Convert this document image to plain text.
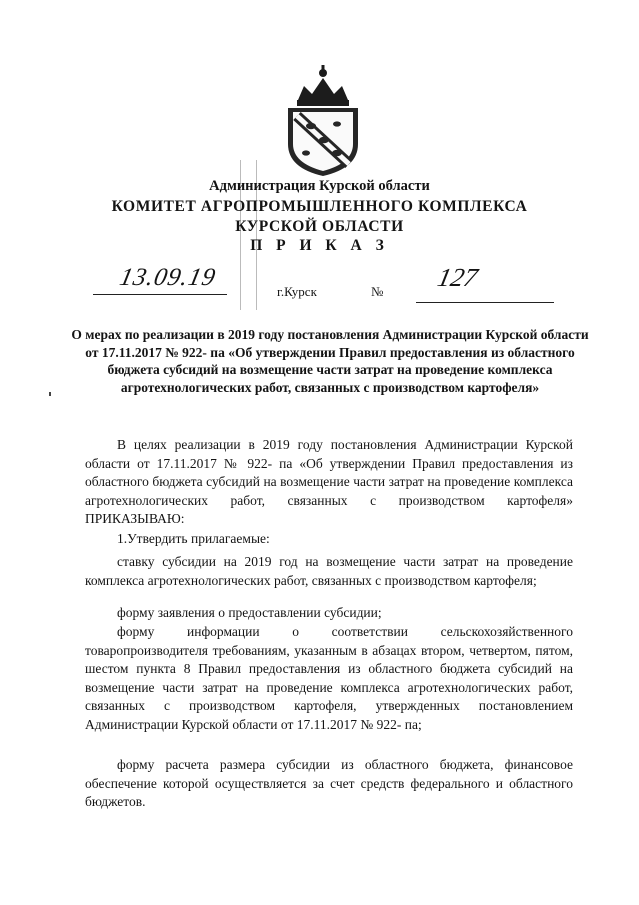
Администрация Курской области
КОМИТЕТ АГРОПРОМЫШЛЕННОГО КОМПЛЕКСА
КУРСКОЙ ОБЛАСТИ
П Р И К А З
13.09.19
г.Курск	№ 127
О мерах по реализации в 2019 году постановления Администрации Курской области от 17.11.2017 № 922- па «Об утверждении Правил предоставления из областного бюджета субсидий на возмещение части затрат на проведение комплекса агротехнологических работ, связанных с производством картофеля»
В целях реализации в 2019 году постановления Администрации Курской области от 17.11.2017 № 922- па «Об утверждении Правил предоставления из областного бюджета субсидий на возмещение части затрат на проведение комплекса агротехнологических работ, связанных с производством картофеля» ПРИКАЗЫВАЮ:
1.Утвердить прилагаемые:
ставку субсидии на 2019 год на возмещение части затрат на проведение комплекса агротехнологических работ, связанных с производством картофеля;
форму заявления о предоставлении субсидии;
форму информации о соответствии сельскохозяйственного товаропроизводителя требованиям, указанным в абзацах втором, четвертом, пятом, шестом пункта 8 Правил предоставления из областного бюджета субсидий на возмещение части затрат на проведение комплекса агротехнологических работ, связанных с производством картофеля, утвержденных постановлением Администрации Курской области от 17.11.2017 № 922- па;
форму расчета размера субсидии из областного бюджета, финансовое обеспечение которой осуществляется за счет средств федерального и областного бюджетов.
